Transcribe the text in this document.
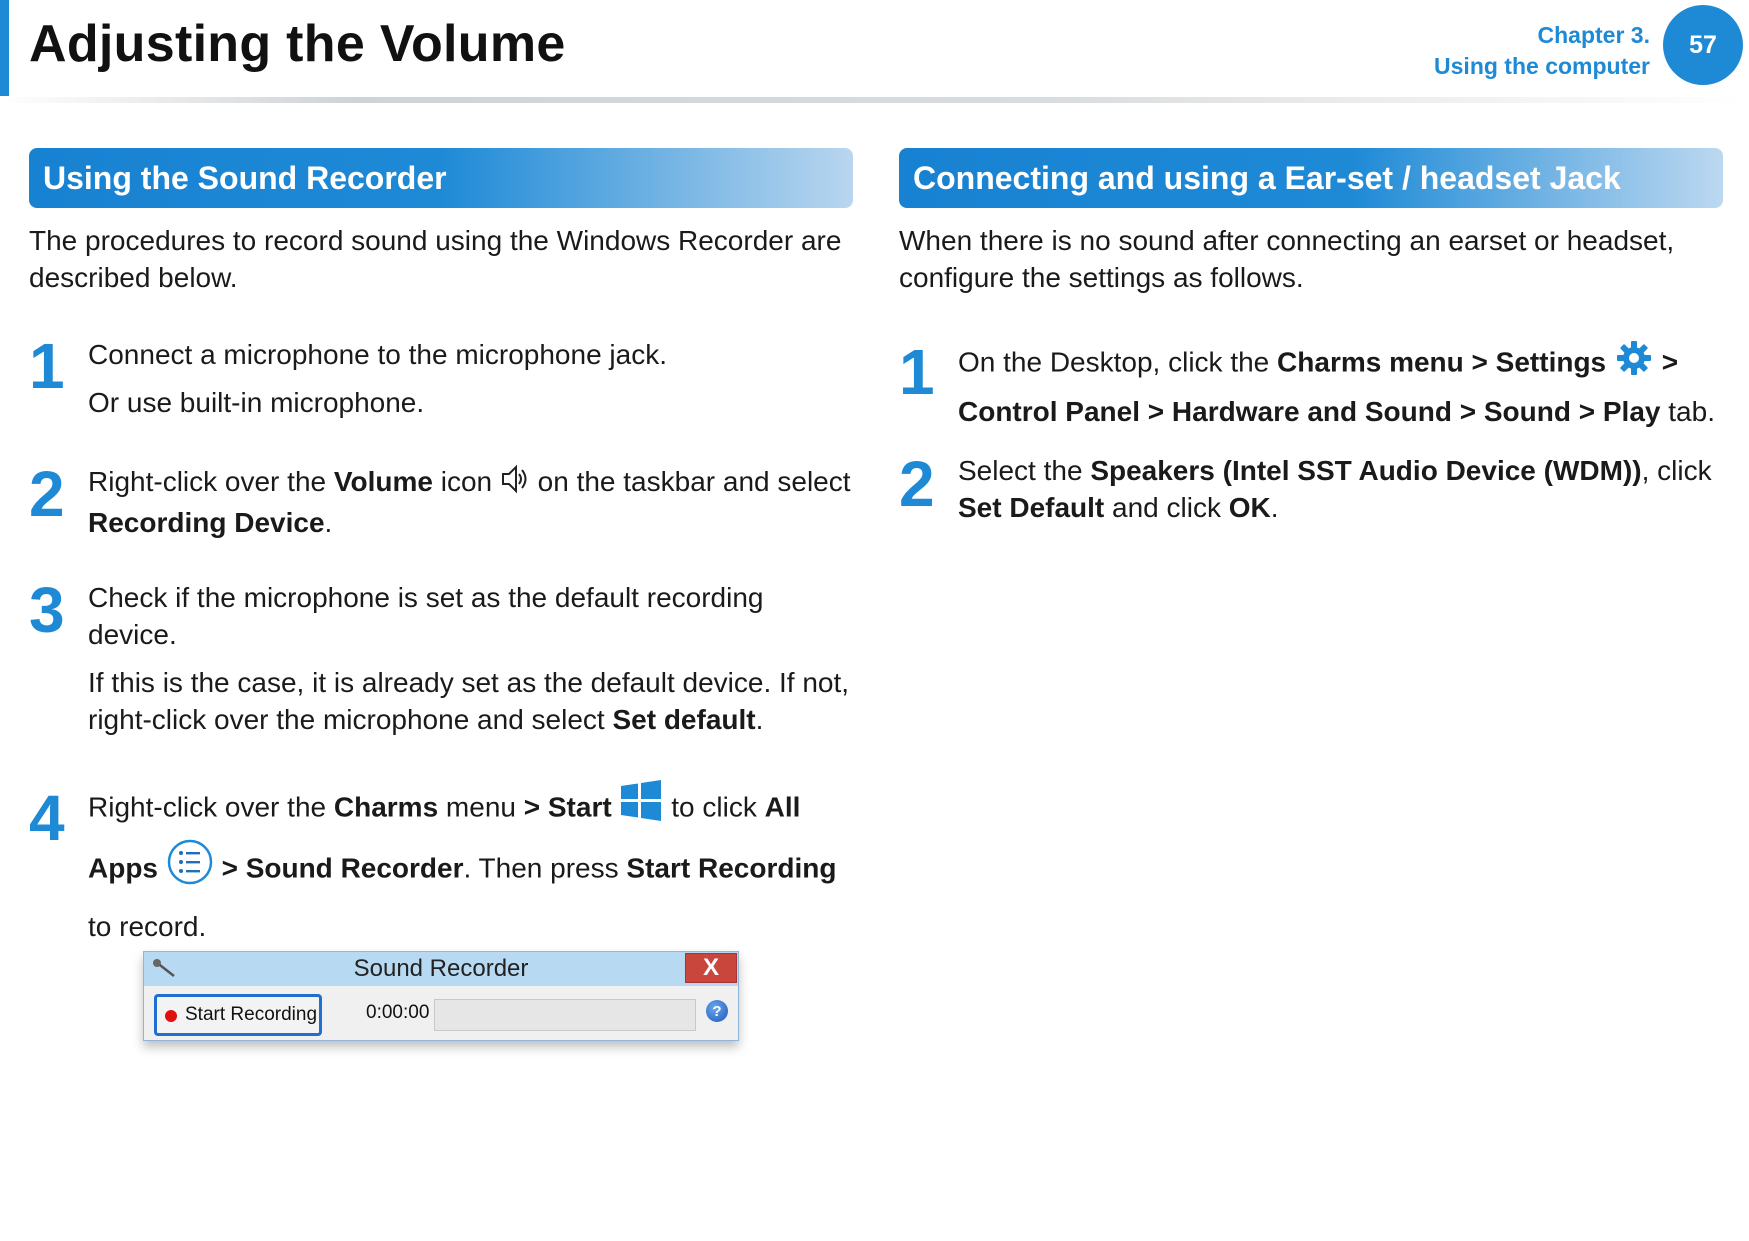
Adjusting the Volume	Chapter 3.
Using the computer
57
Using the Sound Recorder
The procedures to record sound using the Windows Recorder are described below.
1 Connect a microphone to the microphone jack.
Or use built-in microphone.
2 Right-click over the Volume icon  on the taskbar and select Recording Device.
3 Check if the microphone is set as the default recording device.
If this is the case, it is already set as the default device. If not, right-click over the microphone and select Set default.
4 Right-click over the Charms menu > Start  to click All Apps > Sound Recorder. Then press Start Recording to record.
Sound Recorder	X
Start Recording	0:00:00	?
Connecting and using a Ear-set / headset Jack
When there is no sound after connecting an earset or headset, configure the settings as follows.
1 On the Desktop, click the Charms menu > Settings > Control Panel > Hardware and Sound > Sound > Play tab.
2 Select the Speakers (Intel SST Audio Device (WDM)), click Set Default and click OK.
